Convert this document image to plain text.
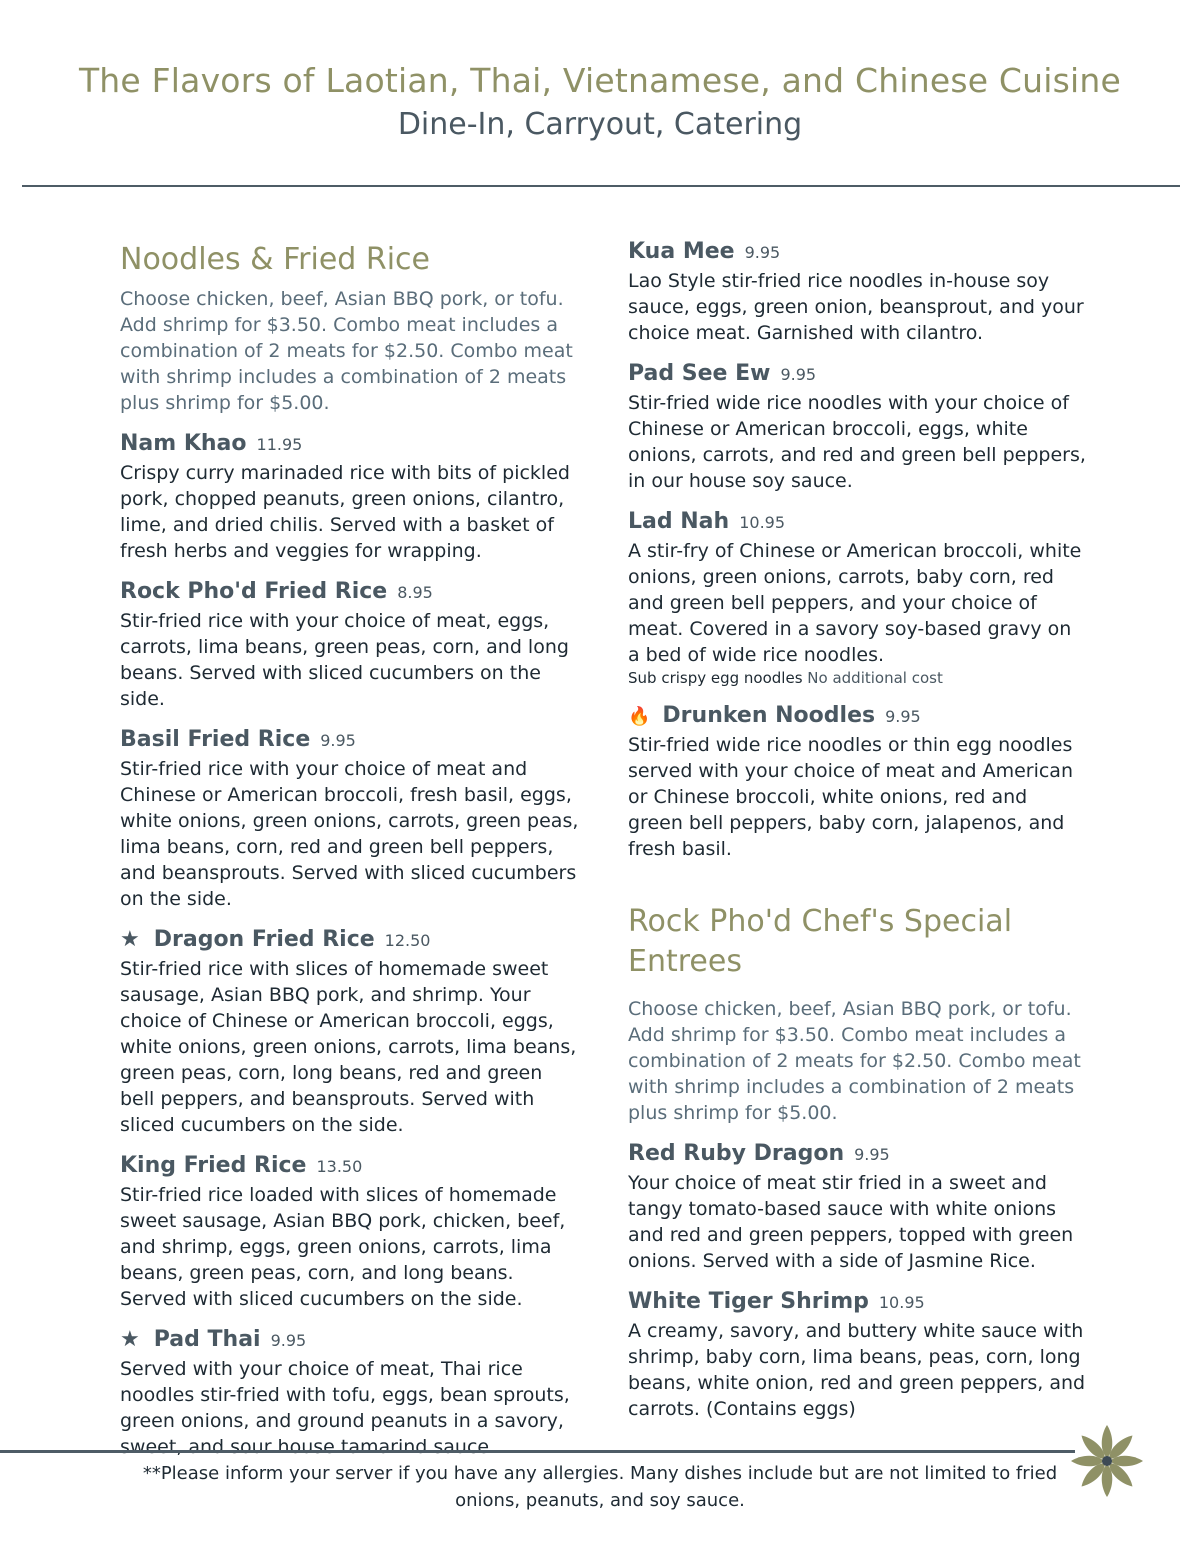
The Flavors of Laotian, Thai, Vietnamese, and Chinese Cuisine
Dine-In, Carryout, Catering
Noodles & Fried Rice
Choose chicken, beef, Asian BBQ pork, or tofu. Add shrimp for $3.50. Combo meat includes a combination of 2 meats for $2.50. Combo meat with shrimp includes a combination of 2 meats plus shrimp for $5.00.
Nam Khao 11.95
Crispy curry marinaded rice with bits of pickled pork, chopped peanuts, green onions, cilantro, lime, and dried chilis. Served with a basket of fresh herbs and veggies for wrapping.
Rock Pho'd Fried Rice 8.95
Stir-fried rice with your choice of meat, eggs, carrots, lima beans, green peas, corn, and long beans. Served with sliced cucumbers on the side.
Basil Fried Rice 9.95
Stir-fried rice with your choice of meat and Chinese or American broccoli, fresh basil, eggs, white onions, green onions, carrots, green peas, lima beans, corn, red and green bell peppers, and beansprouts. Served with sliced cucumbers on the side.
★ Dragon Fried Rice 12.50
Stir-fried rice with slices of homemade sweet sausage, Asian BBQ pork, and shrimp. Your choice of Chinese or American broccoli, eggs, white onions, green onions, carrots, lima beans, green peas, corn, long beans, red and green bell peppers, and beansprouts. Served with sliced cucumbers on the side.
King Fried Rice 13.50
Stir-fried rice loaded with slices of homemade sweet sausage, Asian BBQ pork, chicken, beef, and shrimp, eggs, green onions, carrots, lima beans, green peas, corn, and long beans. Served with sliced cucumbers on the side.
★ Pad Thai 9.95
Served with your choice of meat, Thai rice noodles stir-fried with tofu, eggs, bean sprouts, green onions, and ground peanuts in a savory, sweet, and sour house tamarind sauce.
Kua Mee 9.95
Lao Style stir-fried rice noodles in-house soy sauce, eggs, green onion, beansprout, and your choice meat. Garnished with cilantro.
Pad See Ew 9.95
Stir-fried wide rice noodles with your choice of Chinese or American broccoli, eggs, white onions, carrots, and red and green bell peppers, in our house soy sauce.
Lad Nah 10.95
A stir-fry of Chinese or American broccoli, white onions, green onions, carrots, baby corn, red and green bell peppers, and your choice of meat. Covered in a savory soy-based gravy on a bed of wide rice noodles.
Sub crispy egg noodles No additional cost
🔥 Drunken Noodles 9.95
Stir-fried wide rice noodles or thin egg noodles served with your choice of meat and American or Chinese broccoli, white onions, red and green bell peppers, baby corn, jalapenos, and fresh basil.
Rock Pho'd Chef's Special Entrees
Choose chicken, beef, Asian BBQ pork, or tofu. Add shrimp for $3.50. Combo meat includes a combination of 2 meats for $2.50. Combo meat with shrimp includes a combination of 2 meats plus shrimp for $5.00.
Red Ruby Dragon 9.95
Your choice of meat stir fried in a sweet and tangy tomato-based sauce with white onions and red and green peppers, topped with green onions. Served with a side of Jasmine Rice.
White Tiger Shrimp 10.95
A creamy, savory, and buttery white sauce with shrimp, baby corn, lima beans, peas, corn, long beans, white onion, red and green peppers, and carrots. (Contains eggs)
**Please inform your server if you have any allergies. Many dishes include but are not limited to fried onions, peanuts, and soy sauce.
